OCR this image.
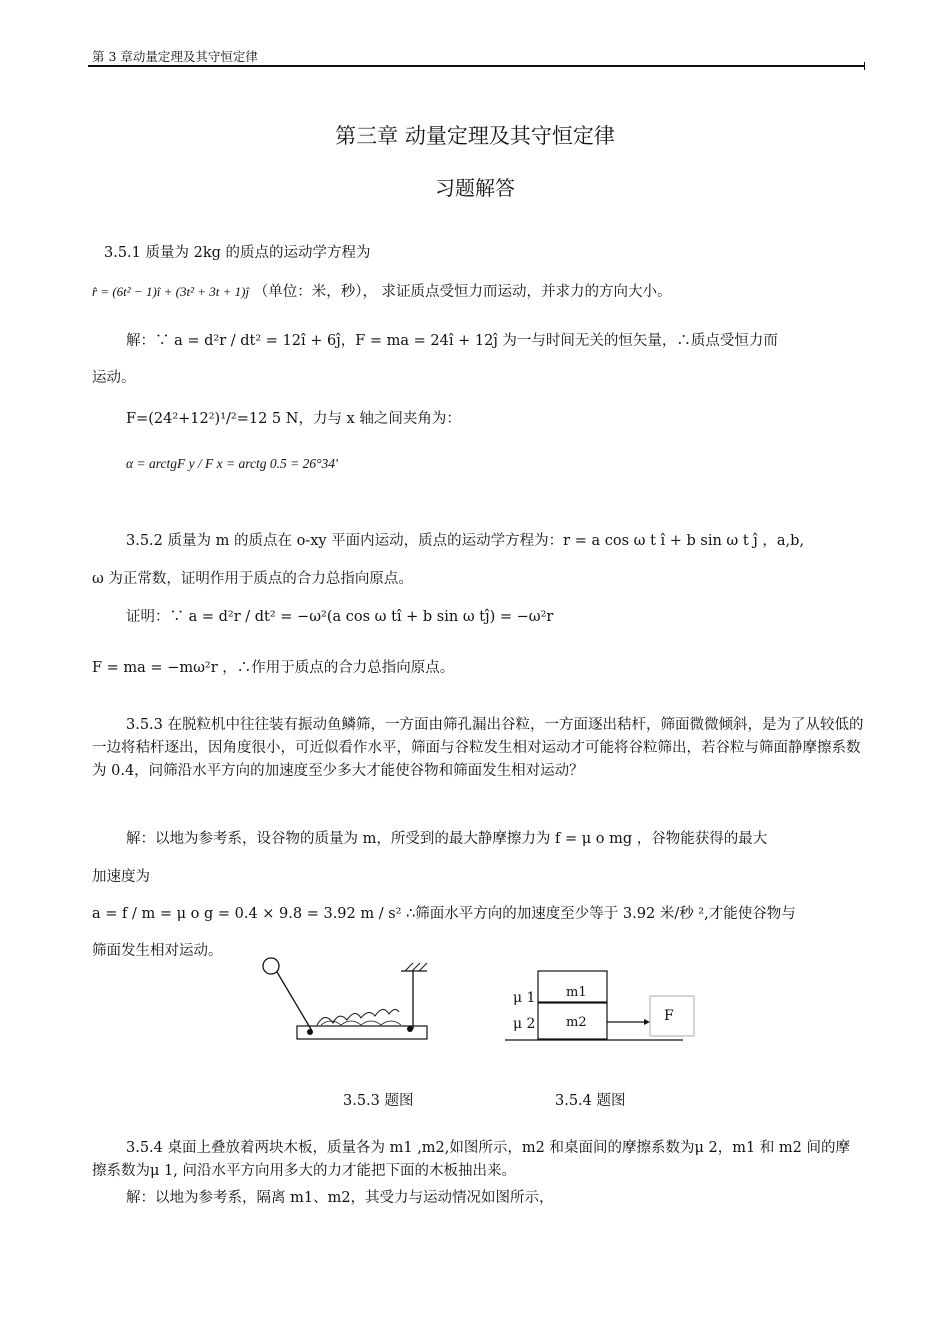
第 3 章动量定理及其守恒定律
第三章 动量定理及其守恒定律
习题解答
3.5.1 质量为 2kg 的质点的运动学方程为
r̂ = (6t² − 1)î + (3t² + 3t + 1)ĵ （单位：米，秒）， 求证质点受恒力而运动，并求力的方向大小。
解：∵ a = d²r / dt² = 12î + 6ĵ，F = ma = 24î + 12ĵ 为一与时间无关的恒矢量，∴质点受恒力而
运动。
F=(24²+12²)¹/²=12 5 N，力与 x 轴之间夹角为：
α = arctgF y / F x = arctg 0.5 = 26°34'
3.5.2 质量为 m 的质点在 o-xy 平面内运动，质点的运动学方程为：r = a cos ω t î + b sin ω t ĵ ，a,b,
ω 为正常数，证明作用于质点的合力总指向原点。
证明：∵ a = d²r / dt² = −ω²(a cos ω tî + b sin ω tĵ) = −ω²r
F = ma = −mω²r ，∴作用于质点的合力总指向原点。
3.5.3 在脱粒机中往往装有振动鱼鳞筛，一方面由筛孔漏出谷粒，一方面逐出秸杆，筛面微微倾斜，是为了从较低的一边将秸杆逐出，因角度很小，可近似看作水平，筛面与谷粒发生相对运动才可能将谷粒筛出，若谷粒与筛面静摩擦系数为 0.4，问筛沿水平方向的加速度至少多大才能使谷物和筛面发生相对运动？
解：以地为参考系，设谷物的质量为 m，所受到的最大静摩擦力为 f = μ o mg ，谷物能获得的最大
加速度为
a = f / m = μ o g = 0.4 × 9.8 = 3.92 m / s² ∴筛面水平方向的加速度至少等于 3.92 米/秒 ²,才能使谷物与
筛面发生相对运动。
m1
m2	F
μ 1
μ 2
3.5.3 题图	3.5.4 题图
3.5.4 桌面上叠放着两块木板，质量各为 m1 ,m2,如图所示，m2 和桌面间的摩擦系数为μ 2，m1 和 m2 间的摩擦系数为μ 1, 问沿水平方向用多大的力才能把下面的木板抽出来。
解：以地为参考系，隔离 m1、m2，其受力与运动情况如图所示，
